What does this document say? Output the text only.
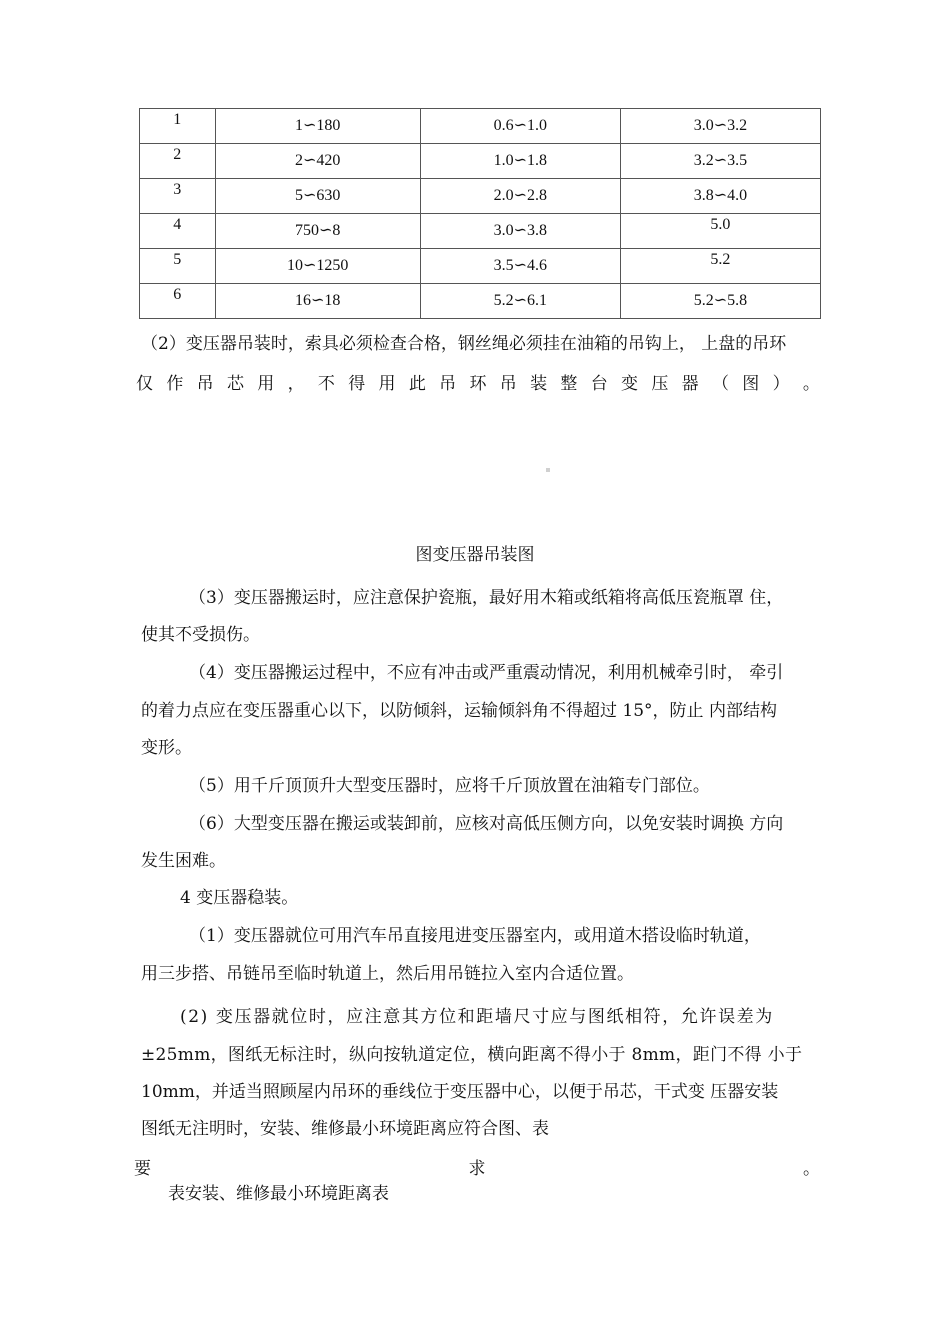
1	1∽180	0.6∽1.0	3.0∽3.2
2	2∽420	1.0∽1.8	3.2∽3.5
3	5∽630	2.0∽2.8	3.8∽4.0
4	750∽8	3.0∽3.8	5.0
5	10∽1250	3.5∽4.6	5.2
6	16∽18	5.2∽6.1	5.2∽5.8
（2）变压器吊装时，索具必须检查合格，钢丝绳必须挂在油箱的吊钩上， 上盘的吊环
仅 作 吊 芯 用 ， 不 得 用 此 吊 环 吊 装 整 台 变 压 器 （ 图 ） 。
图变压器吊装图
（3）变压器搬运时，应注意保护瓷瓶，最好用木箱或纸箱将高低压瓷瓶罩 住，
使其不受损伤。
（4）变压器搬运过程中，不应有冲击或严重震动情况，利用机械牵引时， 牵引
的着力点应在变压器重心以下，以防倾斜，运输倾斜角不得超过 15°，防止 内部结构
变形。
（5）用千斤顶顶升大型变压器时，应将千斤顶放置在油箱专门部位。
（6）大型变压器在搬运或装卸前，应核对高低压侧方向，以免安装时调换 方向
发生困难。
4 变压器稳装。
（1）变压器就位可用汽车吊直接甩进变压器室内，或用道木搭设临时轨道，
用三步搭、吊链吊至临时轨道上，然后用吊链拉入室内合适位置。
(2) 变压器就位时，应注意其方位和距墙尺寸应与图纸相符，允许误差为
±25mm，图纸无标注时，纵向按轨道定位，横向距离不得小于 8mm，距门不得 小于
10mm，并适当照顾屋内吊环的垂线位于变压器中心，以便于吊芯，干式变 压器安装
图纸无注明时，安装、维修最小环境距离应符合图、表
要	求	。
表安装、维修最小环境距离表
